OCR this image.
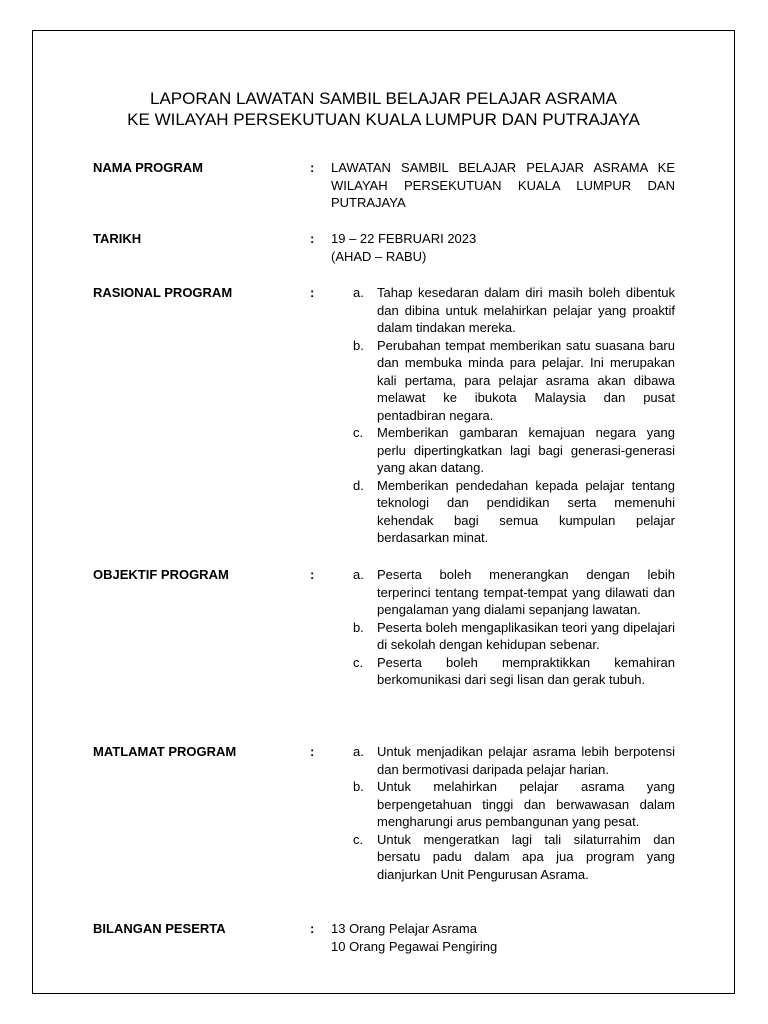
LAPORAN LAWATAN SAMBIL BELAJAR PELAJAR ASRAMA
KE WILAYAH PERSEKUTUAN KUALA LUMPUR DAN PUTRAJAYA
NAMA PROGRAM	: LAWATAN SAMBIL BELAJAR PELAJAR ASRAMA KE WILAYAH PERSEKUTUAN KUALA LUMPUR DAN PUTRAJAYA
TARIKH	: 19 – 22 FEBRUARI 2023
(AHAD – RABU)
RASIONAL PROGRAM	:	a. Tahap kesedaran dalam diri masih boleh dibentuk dan dibina untuk melahirkan pelajar yang proaktif dalam tindakan mereka.
b. Perubahan tempat memberikan satu suasana baru dan membuka minda para pelajar. Ini merupakan kali pertama, para pelajar asrama akan dibawa melawat ke ibukota Malaysia dan pusat pentadbiran negara.
c. Memberikan gambaran kemajuan negara yang perlu dipertingkatkan lagi bagi generasi-generasi yang akan datang.
d. Memberikan pendedahan kepada pelajar tentang teknologi dan pendidikan serta memenuhi kehendak bagi semua kumpulan pelajar berdasarkan minat.
OBJEKTIF PROGRAM	:	a. Peserta boleh menerangkan dengan lebih terperinci tentang tempat-tempat yang dilawati dan pengalaman yang dialami sepanjang lawatan.
b. Peserta boleh mengaplikasikan teori yang dipelajari di sekolah dengan kehidupan sebenar.
c. Peserta boleh mempraktikkan kemahiran berkomunikasi dari segi lisan dan gerak tubuh.
MATLAMAT PROGRAM	:	a. Untuk menjadikan pelajar asrama lebih berpotensi dan bermotivasi daripada pelajar harian.
b. Untuk melahirkan pelajar asrama yang berpengetahuan tinggi dan berwawasan dalam mengharungi arus pembangunan yang pesat.
c. Untuk mengeratkan lagi tali silaturrahim dan bersatu padu dalam apa jua program yang dianjurkan Unit Pengurusan Asrama.
BILANGAN PESERTA	: 13 Orang Pelajar Asrama
10 Orang Pegawai Pengiring
